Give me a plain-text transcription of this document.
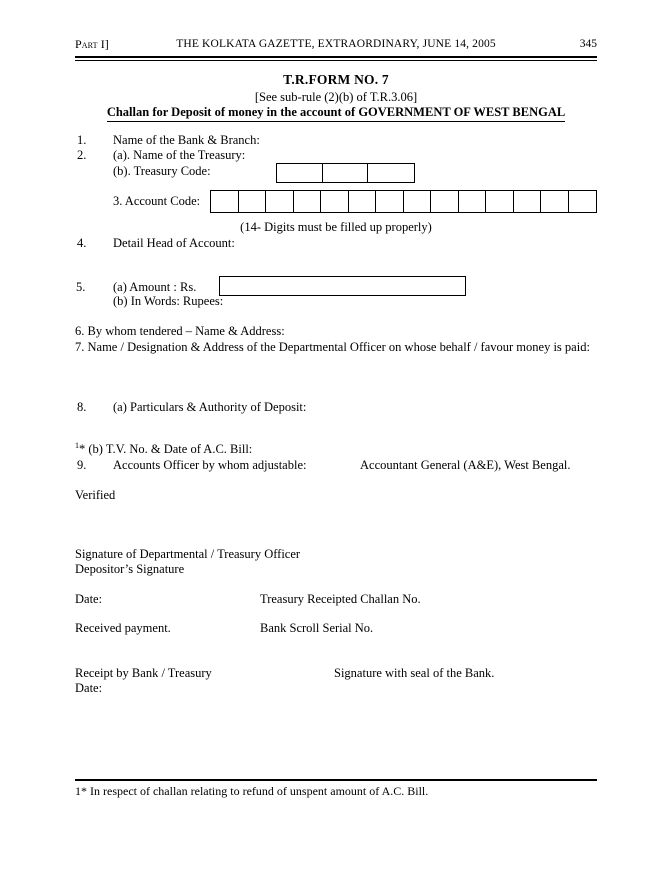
Part I]	THE KOLKATA GAZETTE, EXTRAORDINARY, JUNE 14, 2005	345
T.R.FORM NO. 7
[See sub-rule (2)(b) of T.R.3.06]
Challan for Deposit of money in the account of GOVERNMENT OF WEST BENGAL
1. Name of the Bank & Branch:
2. (a). Name of the Treasury:
(b). Treasury Code:
3. Account Code:
(14- Digits must be filled up properly)
4. Detail Head of Account:
5. (a) Amount : Rs.
(b) In Words: Rupees:
6. By whom tendered – Name & Address:
7. Name / Designation & Address of the Departmental Officer on whose behalf / favour money is paid:
8. (a) Particulars & Authority of Deposit:
$^1$* (b) T.V. No. & Date of A.C. Bill:
9. Accounts Officer by whom adjustable:	Accountant General (A&E), West Bengal.
Verified
Signature of Departmental / Treasury Officer
Depositor’s Signature
Date:	Treasury Receipted Challan No.
Received payment.	Bank Scroll Serial No.
Receipt by Bank / Treasury	Signature with seal of the Bank.
Date:
1* In respect of challan relating to refund of unspent amount of A.C. Bill.
